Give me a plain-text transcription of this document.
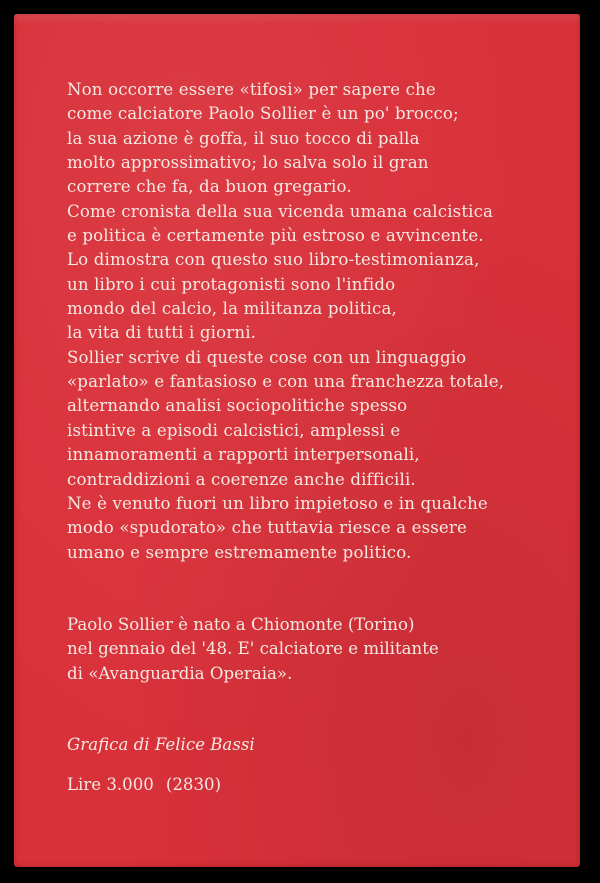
Non occorre essere «tifosi» per sapere che
come calciatore Paolo Sollier è un po' brocco;
la sua azione è goffa, il suo tocco di palla
molto approssimativo; lo salva solo il gran
correre che fa, da buon gregario.
Come cronista della sua vicenda umana calcistica
e politica è certamente più estroso e avvincente.
Lo dimostra con questo suo libro-testimonianza,
un libro i cui protagonisti sono l'infido
mondo del calcio, la militanza politica,
la vita di tutti i giorni.
Sollier scrive di queste cose con un linguaggio
«parlato» e fantasioso e con una franchezza totale,
alternando analisi sociopolitiche spesso
istintive a episodi calcistici, amplessi e
innamoramenti a rapporti interpersonali,
contraddizioni a coerenze anche difficili.
Ne è venuto fuori un libro impietoso e in qualche
modo «spudorato» che tuttavia riesce a essere
umano e sempre estremamente politico.
Paolo Sollier è nato a Chiomonte (Torino)
nel gennaio del '48. E' calciatore e militante
di «Avanguardia Operaia».
Grafica di Felice Bassi
Lire 3.000 (2830)
